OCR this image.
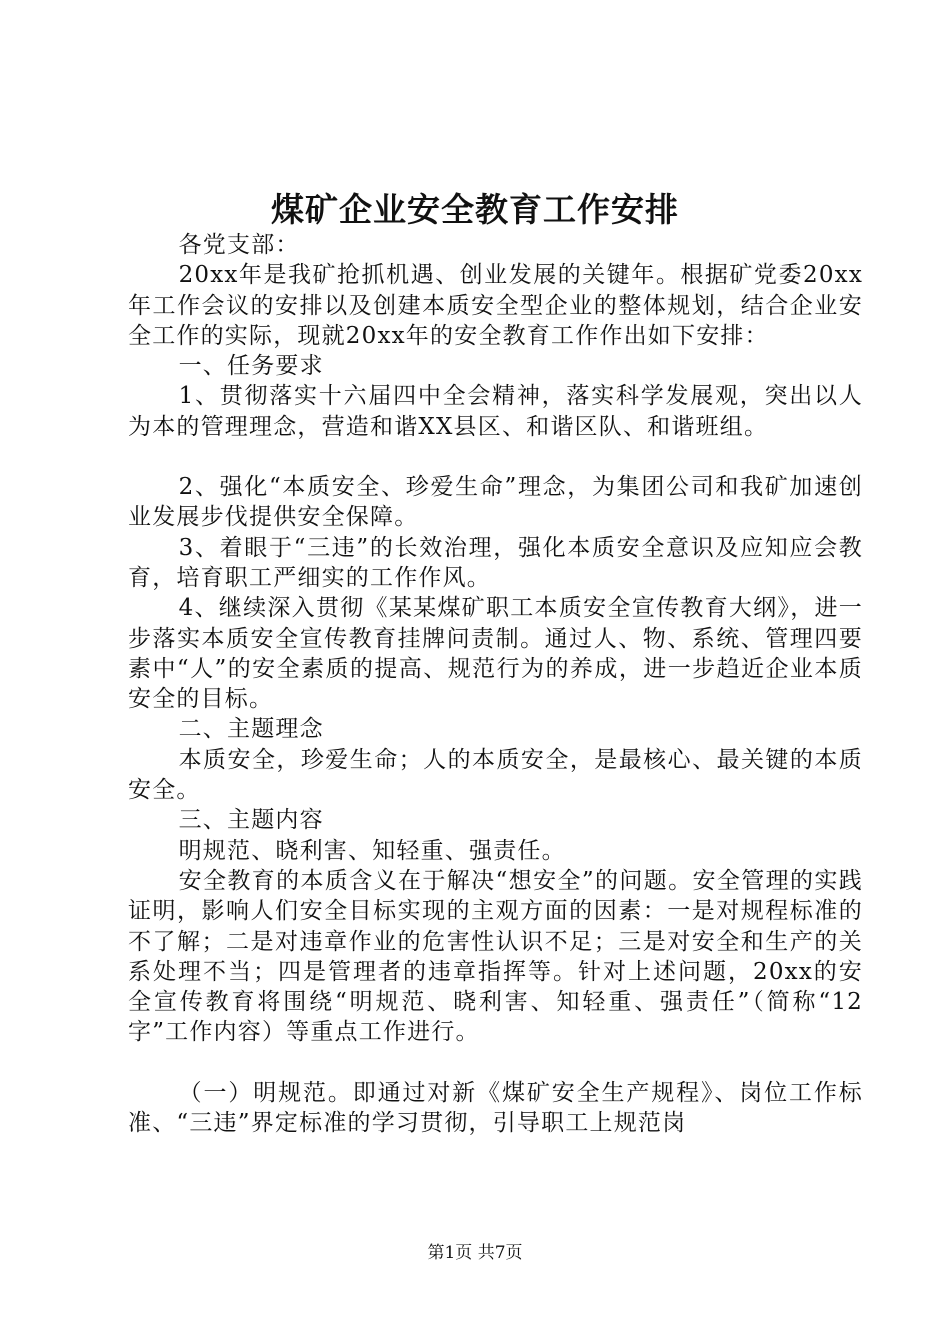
煤矿企业安全教育工作安排

各党支部：

20xx年是我矿抢抓机遇、创业发展的关键年。根据矿党委20xx年工作会议的安排以及创建本质安全型企业的整体规划，结合企业安全工作的实际，现就20xx年的安全教育工作作出如下安排：

一、任务要求

1、贯彻落实十六届四中全会精神，落实科学发展观，突出以人为本的管理理念，营造和谐XX县区、和谐区队、和谐班组。

2、强化“本质安全、珍爱生命”理念，为集团公司和我矿加速创业发展步伐提供安全保障。

3、着眼于“三违”的长效治理，强化本质安全意识及应知应会教育，培育职工严细实的工作作风。

4、继续深入贯彻《某某煤矿职工本质安全宣传教育大纲》，进一步落实本质安全宣传教育挂牌问责制。通过人、物、系统、管理四要素中“人”的安全素质的提高、规范行为的养成，进一步趋近企业本质安全的目标。

二、主题理念

本质安全，珍爱生命；人的本质安全，是最核心、最关键的本质安全。

三、主题内容

明规范、晓利害、知轻重、强责任。

安全教育的本质含义在于解决“想安全”的问题。安全管理的实践证明，影响人们安全目标实现的主观方面的因素：一是对规程标准的不了解；二是对违章作业的危害性认识不足；三是对安全和生产的关系处理不当；四是管理者的违章指挥等。针对上述问题，20xx的安全宣传教育将围绕“明规范、晓利害、知轻重、强责任”（简称“12字”工作内容）等重点工作进行。

（一）明规范。即通过对新《煤矿安全生产规程》、岗位工作标准、“三违”界定标准的学习贯彻，引导职工上规范岗

第1页 共7页
